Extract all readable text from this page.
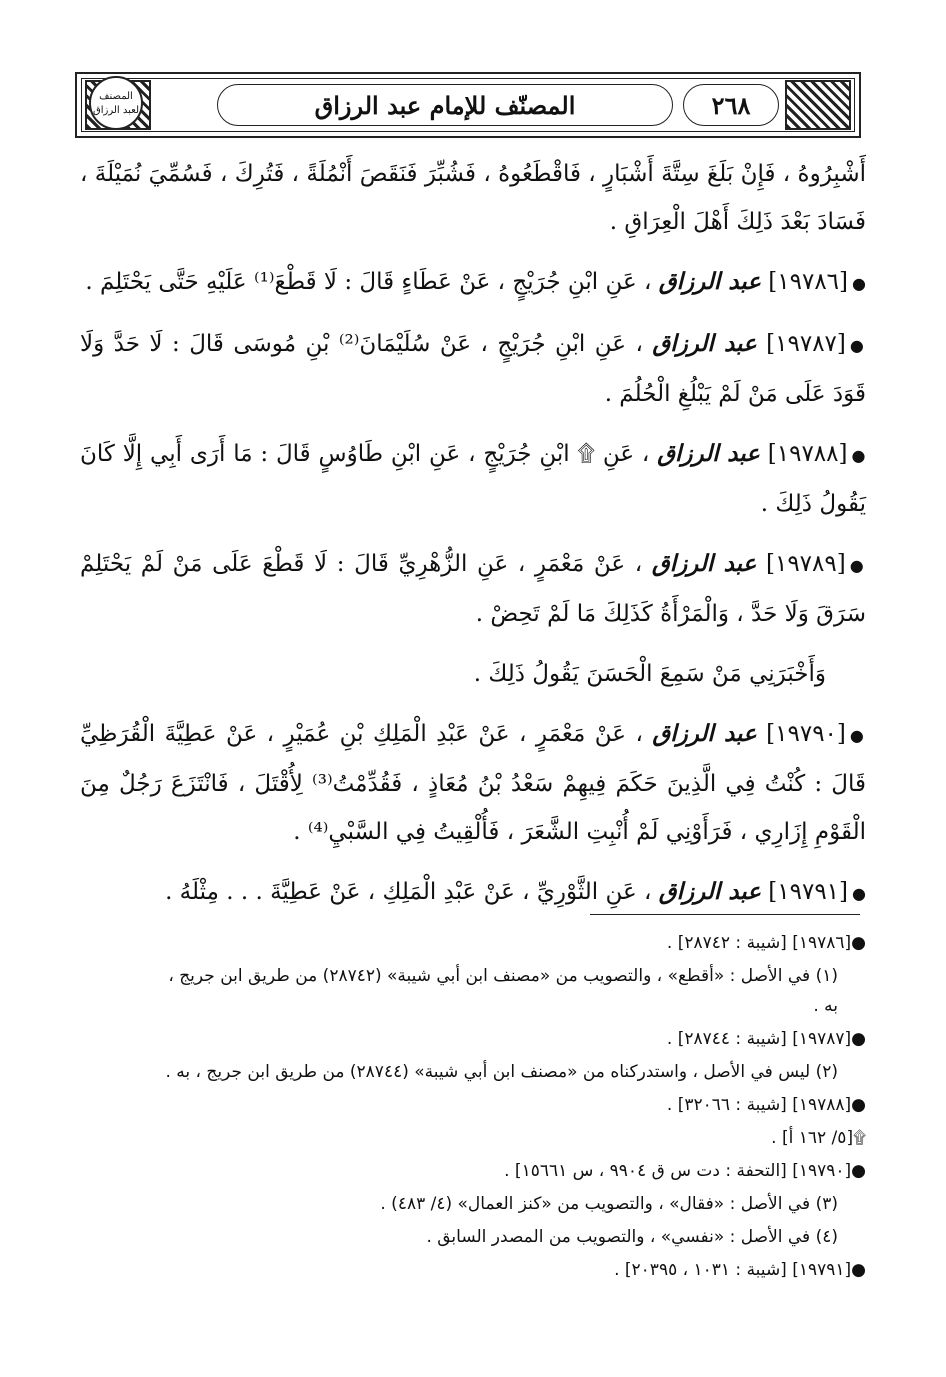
المصنف لعبد الرزاق	المصنّف للإمام عبد الرزاق	٢٦٨

أَشْبِرُوهُ ، فَإِنْ بَلَغَ سِتَّةَ أَشْبَارٍ ، فَاقْطَعُوهُ ، فَشُبِّرَ فَنَقَصَ أَنْمُلَةً ، فَتُرِكَ ، فَسُمِّيَ نُمَيْلَةَ ، فَسَادَ بَعْدَ ذَلِكَ أَهْلَ الْعِرَاقِ .

●[١٩٧٨٦] عبد الرزاق ، عَنِ ابْنِ جُرَيْجٍ ، عَنْ عَطَاءٍ قَالَ : لَا قَطْعَ⁽¹⁾ عَلَيْهِ حَتَّى يَحْتَلِمَ .

●[١٩٧٨٧] عبد الرزاق ، عَنِ ابْنِ جُرَيْجٍ ، عَنْ سُلَيْمَانَ⁽²⁾ بْنِ مُوسَى قَالَ : لَا حَدَّ وَلَا قَوَدَ عَلَى مَنْ لَمْ يَبْلُغِ الْحُلُمَ .

●[١٩٧٨٨] عبد الرزاق ، عَنِ ۩ ابْنِ جُرَيْجٍ ، عَنِ ابْنِ طَاوُسٍ قَالَ : مَا أَرَى أَبِي إِلَّا كَانَ يَقُولُ ذَلِكَ .

●[١٩٧٨٩] عبد الرزاق ، عَنْ مَعْمَرٍ ، عَنِ الزُّهْرِيِّ قَالَ : لَا قَطْعَ عَلَى مَنْ لَمْ يَحْتَلِمْ سَرَقَ وَلَا حَدَّ ، وَالْمَرْأَةُ كَذَلِكَ مَا لَمْ تَحِضْ .

وَأَخْبَرَنِي مَنْ سَمِعَ الْحَسَنَ يَقُولُ ذَلِكَ .

●[١٩٧٩٠] عبد الرزاق ، عَنْ مَعْمَرٍ ، عَنْ عَبْدِ الْمَلِكِ بْنِ عُمَيْرٍ ، عَنْ عَطِيَّةَ الْقُرَظِيِّ قَالَ : كُنْتُ فِي الَّذِينَ حَكَمَ فِيهِمْ سَعْدُ بْنُ مُعَاذٍ ، فَقُدِّمْتُ⁽³⁾ لِأُقْتَلَ ، فَانْتَزَعَ رَجُلٌ مِنَ الْقَوْمِ إِزَارِي ، فَرَأَوْنِي لَمْ أُنْبِتِ الشَّعَرَ ، فَأُلْقِيتُ فِي السَّبْيِ⁽⁴⁾ .

●[١٩٧٩١] عبد الرزاق ، عَنِ الثَّوْرِيِّ ، عَنْ عَبْدِ الْمَلِكِ ، عَنْ عَطِيَّةَ . . . مِثْلَهُ .

●[١٩٧٨٦] [شيبة : ٢٨٧٤٢] .
(١) في الأصل : «أقطع» ، والتصويب من «مصنف ابن أبي شيبة» (٢٨٧٤٢) من طريق ابن جريج ، به .
●[١٩٧٨٧] [شيبة : ٢٨٧٤٤] .
(٢) ليس في الأصل ، واستدركناه من «مصنف ابن أبي شيبة» (٢٨٧٤٤) من طريق ابن جريج ، به .
●[١٩٧٨٨] [شيبة : ٣٢٠٦٦] .
۩[٥/ ١٦٢ أ] .
●[١٩٧٩٠] [التحفة : دت س ق ٩٩٠٤ ، س ١٥٦٦١] .
(٣) في الأصل : «فقال» ، والتصويب من «كنز العمال» (٤/ ٤٨٣) .
(٤) في الأصل : «نفسي» ، والتصويب من المصدر السابق .
●[١٩٧٩١] [شيبة : ١٠٣١ ، ٢٠٣٩٥] .
